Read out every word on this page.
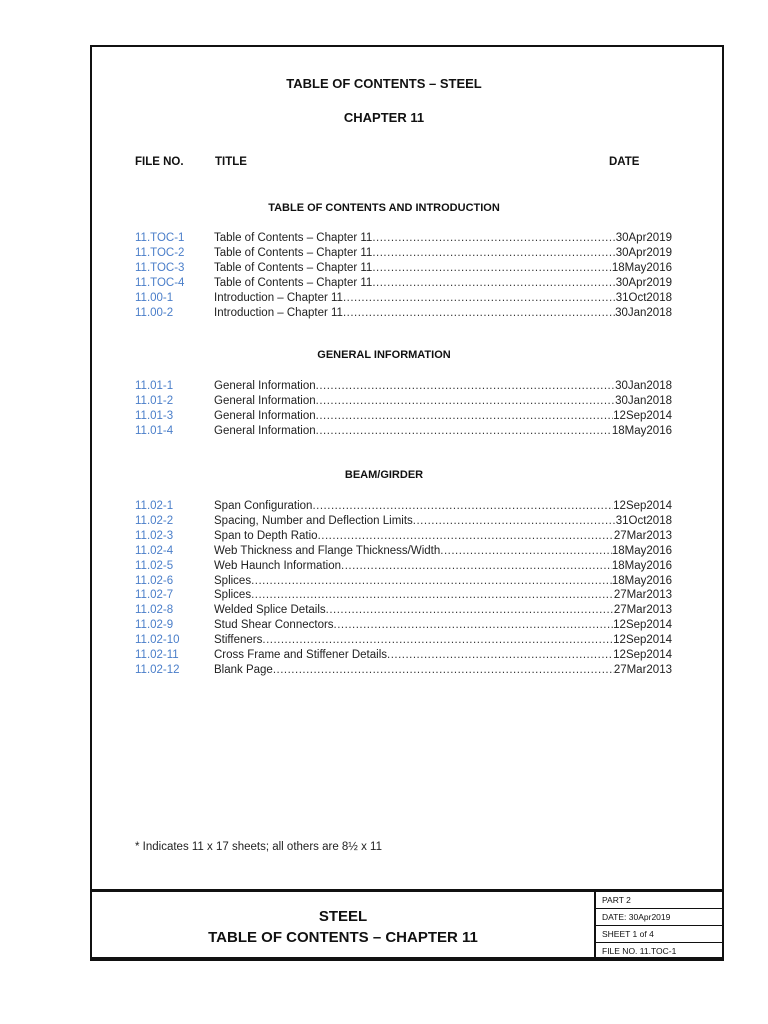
TABLE OF CONTENTS – STEEL
CHAPTER 11
FILE NO.	TITLE	DATE
TABLE OF CONTENTS AND INTRODUCTION
11.TOC-1	Table of Contents – Chapter 11 .....	30Apr2019
11.TOC-2	Table of Contents – Chapter 11 .....	30Apr2019
11.TOC-3	Table of Contents – Chapter 11 .....	18May2016
11.TOC-4	Table of Contents – Chapter 11 .....	30Apr2019
11.00-1	Introduction – Chapter 11 .....	31Oct2018
11.00-2	Introduction – Chapter 11 .....	30Jan2018
GENERAL INFORMATION
11.01-1	General Information .....	30Jan2018
11.01-2	General Information .....	30Jan2018
11.01-3	General Information .....	12Sep2014
11.01-4	General Information .....	18May2016
BEAM/GIRDER
11.02-1	Span Configuration .....	12Sep2014
11.02-2	Spacing, Number and Deflection Limits .....	31Oct2018
11.02-3	Span to Depth Ratio .....	27Mar2013
11.02-4	Web Thickness and Flange Thickness/Width .....	18May2016
11.02-5	Web Haunch Information .....	18May2016
11.02-6	Splices .....	18May2016
11.02-7	Splices .....	27Mar2013
11.02-8	Welded Splice Details .....	27Mar2013
11.02-9	Stud Shear Connectors .....	12Sep2014
11.02-10	Stiffeners .....	12Sep2014
11.02-11	Cross Frame and Stiffener Details .....	12Sep2014
11.02-12	Blank Page .....	27Mar2013
* Indicates 11 x 17 sheets; all others are 8½ x 11
STEEL
TABLE OF CONTENTS – CHAPTER 11
PART 2
DATE: 30Apr2019
SHEET 1 of 4
FILE NO. 11.TOC-1
